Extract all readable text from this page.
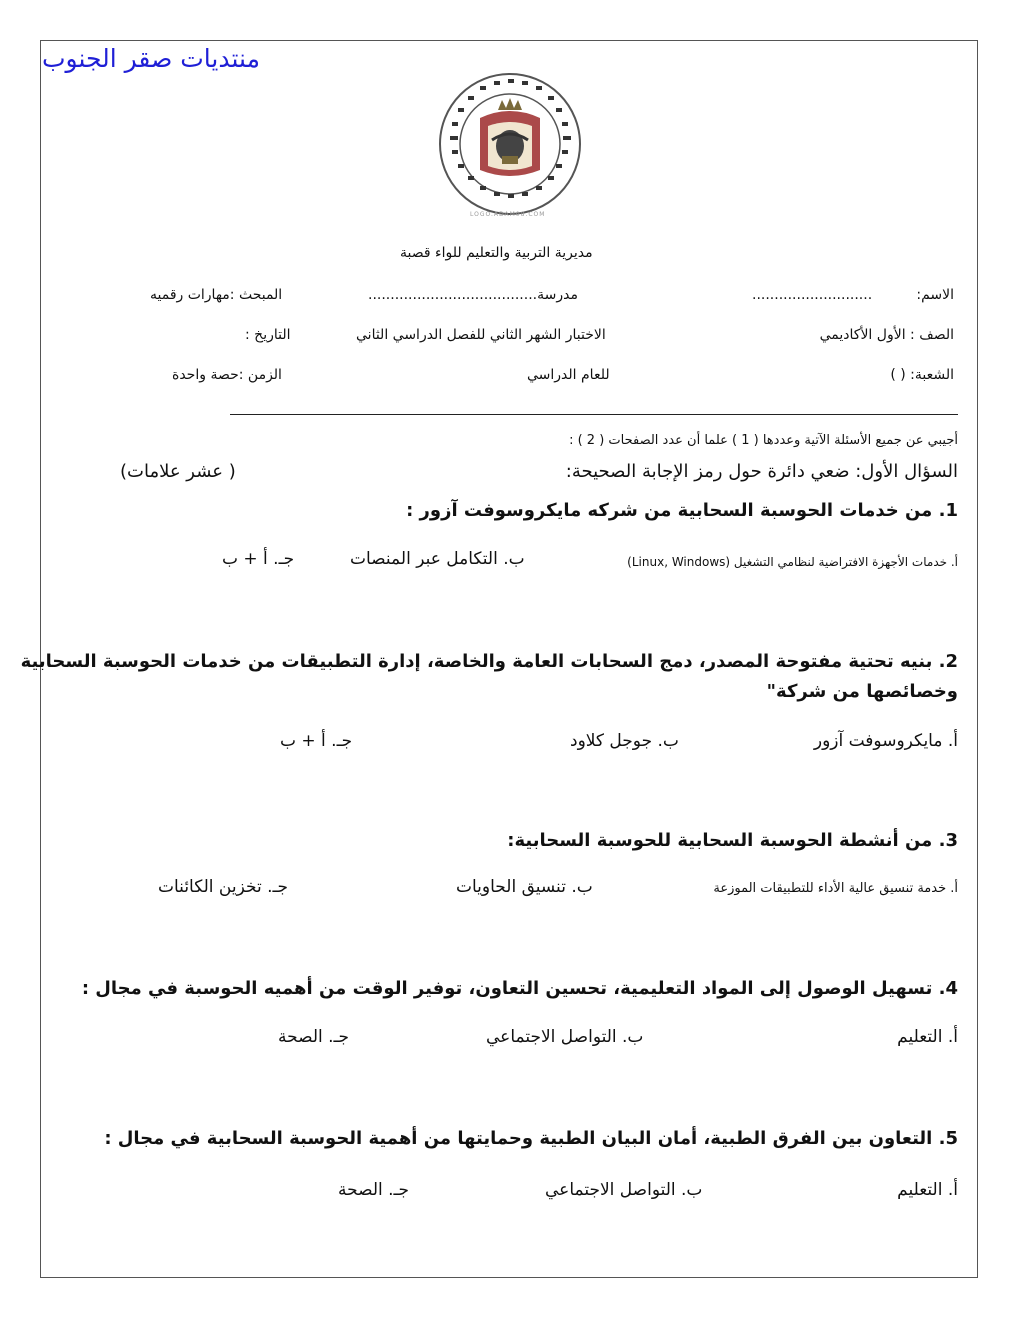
منتديات صقر الجنوب
LOGO.ADAM08.COM
مديرية التربية والتعليم للواء قصبة
الاسم:
...........................
مدرسة......................................
المبحث :مهارات رقميه
الصف : الأول الأكاديمي
الاختبار الشهر الثاني للفصل الدراسي الثاني
التاريخ :
الشعبة: ( )
للعام الدراسي
الزمن :حصة واحدة
أجيبي عن جميع الأسئلة الآتية وعددها ( 1 ) علما أن عدد الصفحات ( 2 ) :
السؤال الأول: ضعي دائرة حول رمز الإجابة الصحيحة:
( عشر علامات)
1. من خدمات الحوسبة السحابية من شركه مايكروسوفت آزور :
أ. خدمات الأجهزة الافتراضية لنظامي التشغيل (Linux, Windows)
ب. التكامل عبر المنصات
جـ. أ + ب
2. بنيه تحتية مفتوحة المصدر، دمج السحابات العامة والخاصة، إدارة التطبيقات من خدمات الحوسبة السحابية
وخصائصها من شركة"
أ. مايكروسوفت آزور
ب. جوجل كلاود
جـ. أ + ب
3. من أنشطة الحوسبة السحابية للحوسبة السحابية:
أ. خدمة تنسيق عالية الأداء للتطبيقات الموزعة
ب. تنسيق الحاويات
جـ. تخزين الكائنات
4. تسهيل الوصول إلى المواد التعليمية، تحسين التعاون، توفير الوقت من أهميه الحوسبة في مجال :
أ. التعليم
ب. التواصل الاجتماعي
جـ. الصحة
5. التعاون بين الفرق الطبية، أمان البيان الطبية وحمايتها من أهمية الحوسبة السحابية في مجال :
أ. التعليم
ب. التواصل الاجتماعي
جـ. الصحة
